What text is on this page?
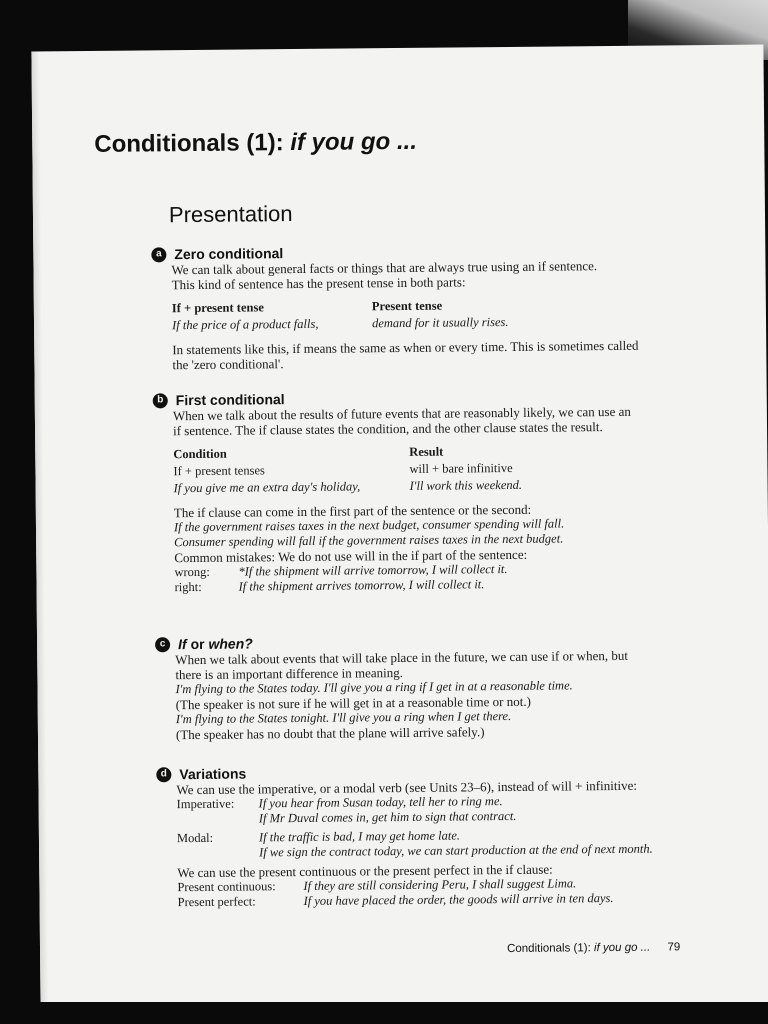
Conditionals (1): if you go ...
Presentation
a Zero conditional

We can talk about general facts or things that are always true using an if sentence.

This kind of sentence has the present tense in both parts:

If + present tense	Present tense
If the price of a product falls,	demand for it usually rises.

In statements like this, if means the same as when or every time. This is sometimes called

the 'zero conditional'.

b First conditional

When we talk about the results of future events that are reasonably likely, we can use an

if sentence. The if clause states the condition, and the other clause states the result.

Condition	Result
If + present tenses	will + bare infinitive
If you give me an extra day's holiday,	I'll work this weekend.

The if clause can come in the first part of the sentence or the second:

If the government raises taxes in the next budget, consumer spending will fall.

Consumer spending will fall if the government raises taxes in the next budget.

Common mistakes: We do not use will in the if part of the sentence:

wrong:	*If the shipment will arrive tomorrow, I will collect it.
right:	If the shipment arrives tomorrow, I will collect it.
c If or when?

When we talk about events that will take place in the future, we can use if or when, but

there is an important difference in meaning.

I'm flying to the States today. I'll give you a ring if I get in at a reasonable time.

(The speaker is not sure if he will get in at a reasonable time or not.)

I'm flying to the States tonight. I'll give you a ring when I get there.

(The speaker has no doubt that the plane will arrive safely.)

d Variations

We can use the imperative, or a modal verb (see Units 23–6), instead of will + infinitive:

Imperative:	If you hear from Susan today, tell her to ring me.
If Mr Duval comes in, get him to sign that contract.
Modal:	If the traffic is bad, I may get home late.
If we sign the contract today, we can start production at the end of next month.

We can use the present continuous or the present perfect in the if clause:

Present continuous:	If they are still considering Peru, I shall suggest Lima.
Present perfect:	If you have placed the order, the goods will arrive in ten days.
Conditionals (1): if you go ... 79
